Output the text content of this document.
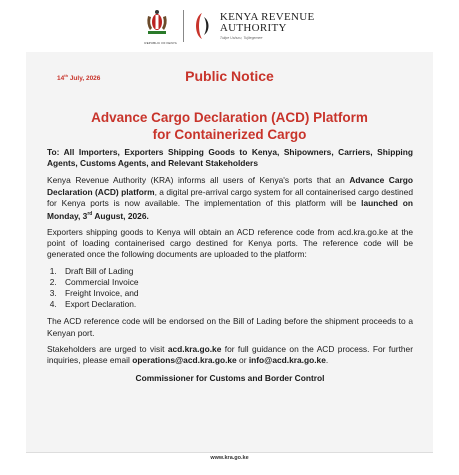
REPUBLIC OF KENYA
KENYA REVENUE
AUTHORITY
Tulipe Ushuru, Tujitegemee
14th July, 2026	Public Notice
Advance Cargo Declaration (ACD) Platform
for Containerized Cargo

To: All Importers, Exporters Shipping Goods to Kenya, Shipowners, Carriers, Shipping Agents, Customs Agents, and Relevant Stakeholders

Kenya Revenue Authority (KRA) informs all users of Kenya's ports that an Advance Cargo Declaration (ACD) platform, a digital pre-arrival cargo system for all containerised cargo destined for Kenya ports is now available. The implementation of this platform will be launched on Monday, 3rd August, 2026.

Exporters shipping goods to Kenya will obtain an ACD reference code from acd.kra.go.ke at the point of loading containerised cargo destined for Kenya ports. The reference code will be generated once the following documents are uploaded to the platform:

1. Draft Bill of Lading
2. Commercial Invoice
3. Freight Invoice, and
4. Export Declaration.

The ACD reference code will be endorsed on the Bill of Lading before the shipment proceeds to a Kenyan port.

Stakeholders are urged to visit acd.kra.go.ke for full guidance on the ACD process. For further inquiries, please email operations@acd.kra.go.ke or info@acd.kra.go.ke.

Commissioner for Customs and Border Control
www.kra.go.ke
